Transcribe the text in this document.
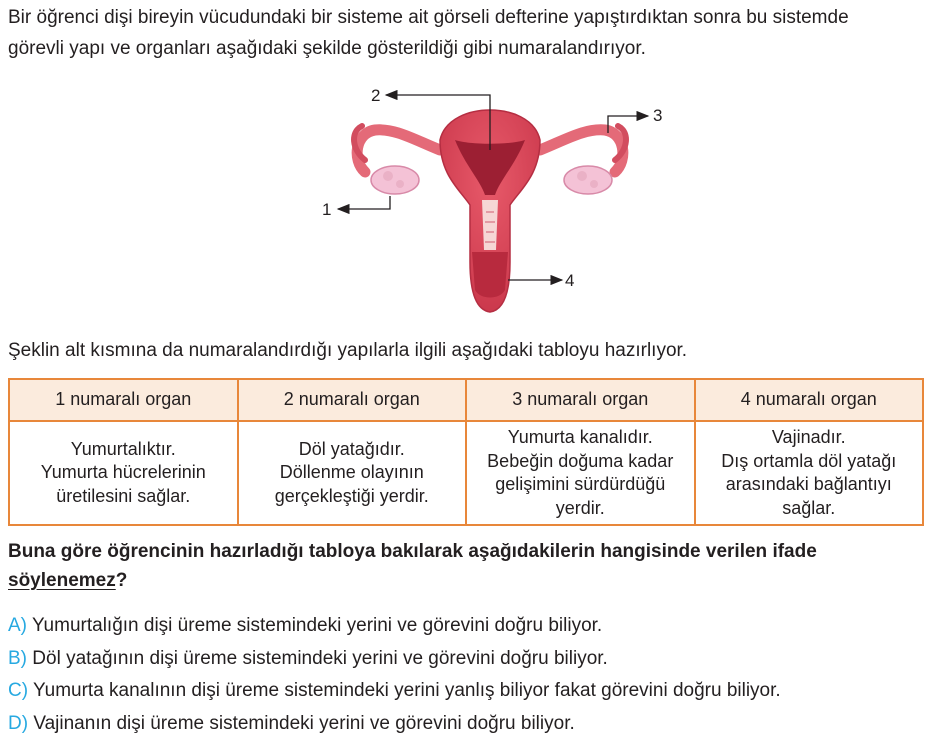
Bir öğrenci dişi bireyin vücudundaki bir sisteme ait görseli defterine yapıştırdıktan sonra bu sistemde
görevli yapı ve organları aşağıdaki şekilde gösterildiği gibi numaralandırıyor.

1
2
3
4

Şeklin alt kısmına da numaralandırdığı yapılarla ilgili aşağıdaki tabloyu hazırlıyor.

1 numaralı organ	2 numaralı organ	3 numaralı organ	4 numaralı organ
Yumurtalıktır.
Yumurta hücrelerinin
üretilesini sağlar.	Döl yatağıdır.
Döllenme olayının
gerçekleştiği yerdir.	Yumurta kanalıdır.
Bebeğin doğuma kadar
gelişimini sürdürdüğü
yerdir.	Vajinadır.
Dış ortamla döl yatağı
arasındaki bağlantıyı
sağlar.

Buna göre öğrencinin hazırladığı tabloya bakılarak aşağıdakilerin hangisinde verilen ifade
söylenemez?

A) Yumurtalığın dişi üreme sistemindeki yerini ve görevini doğru biliyor.
B) Döl yatağının dişi üreme sistemindeki yerini ve görevini doğru biliyor.
C) Yumurta kanalının dişi üreme sistemindeki yerini yanlış biliyor fakat görevini doğru biliyor.
D) Vajinanın dişi üreme sistemindeki yerini ve görevini doğru biliyor.
